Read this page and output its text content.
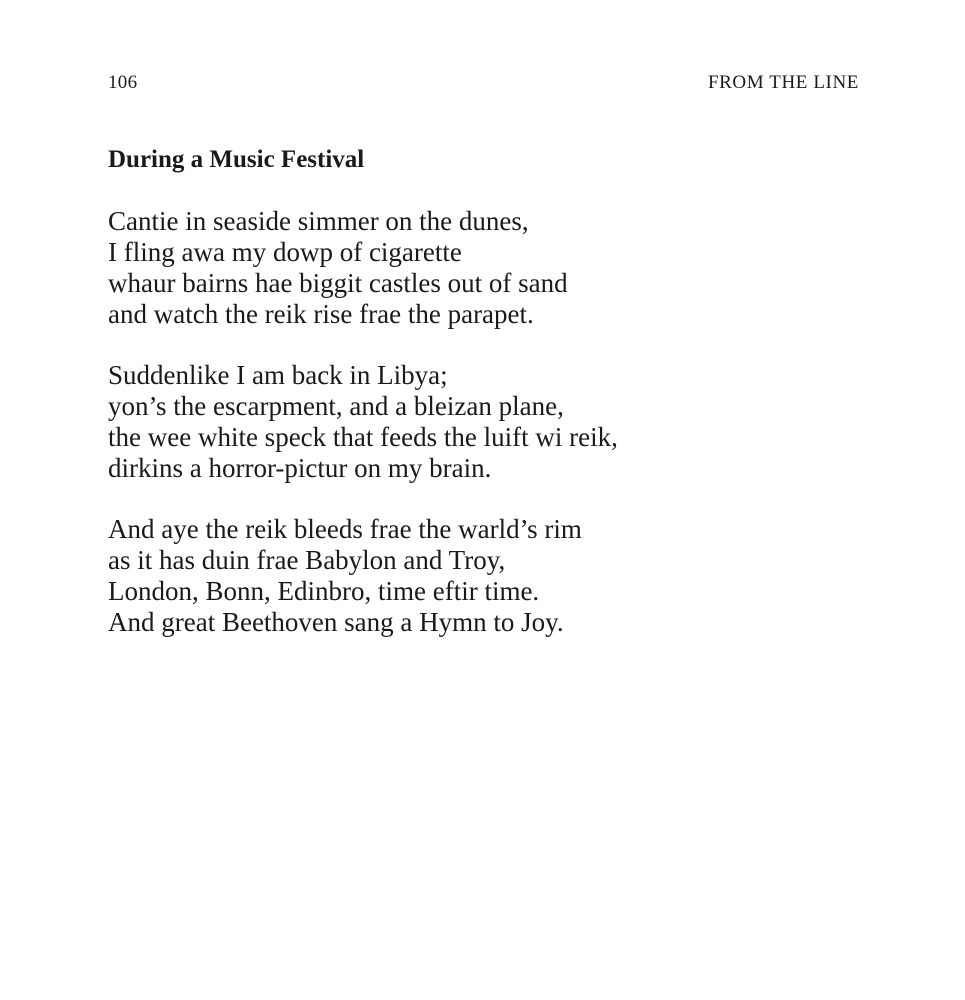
106	FROM THE LINE
During a Music Festival
Cantie in seaside simmer on the dunes,
I fling awa my dowp of cigarette
whaur bairns hae biggit castles out of sand
and watch the reik rise frae the parapet.
Suddenlike I am back in Libya;
yon’s the escarpment, and a bleizan plane,
the wee white speck that feeds the luift wi reik,
dirkins a horror-pictur on my brain.
And aye the reik bleeds frae the warld’s rim
as it has duin frae Babylon and Troy,
London, Bonn, Edinbro, time eftir time.
And great Beethoven sang a Hymn to Joy.
